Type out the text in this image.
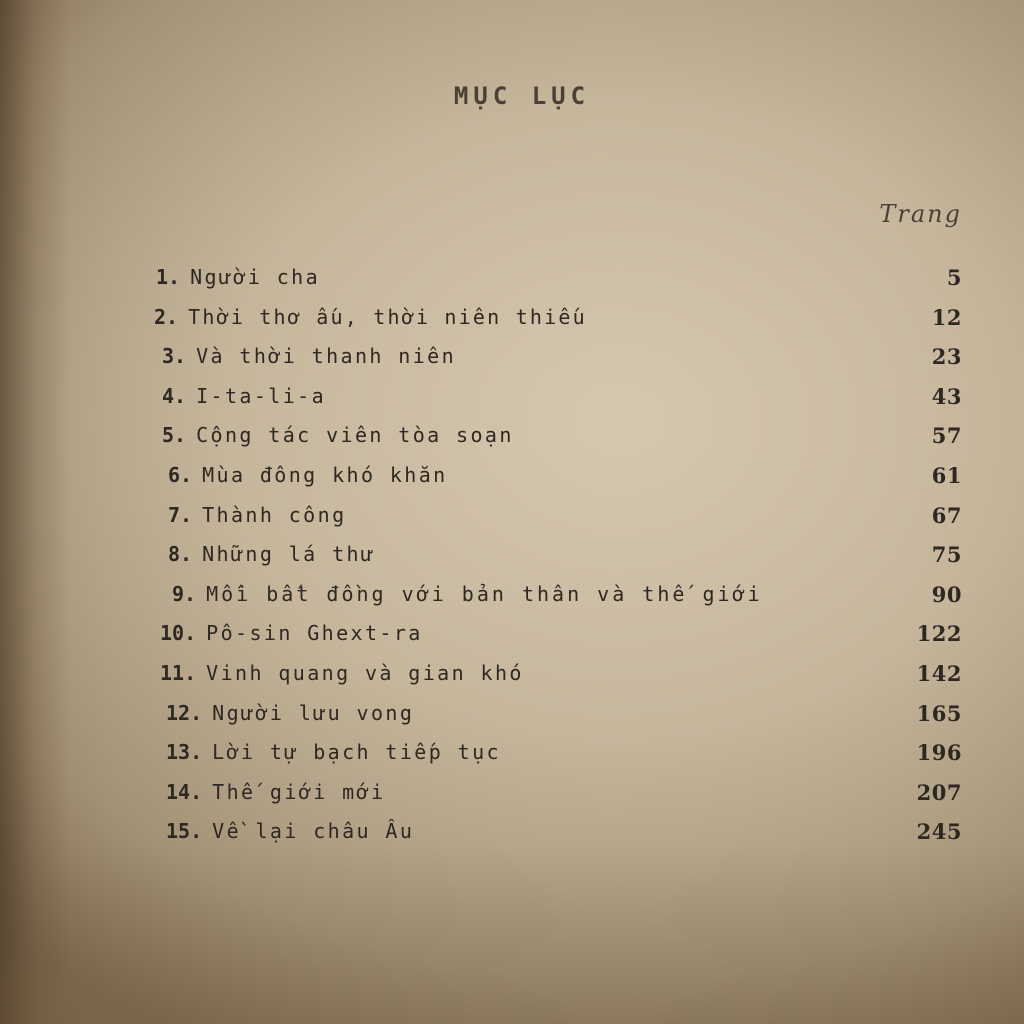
MỤC LỤC
Trang
1. Người cha	5
2. Thời thơ ấu, thời niên thiếu	12
3. Và thời thanh niên	23
4. I-ta-li-a	43
5. Cộng tác viên tòa soạn	57
6. Mùa đông khó khăn	61
7. Thành công	67
8. Những lá thư	75
9. Mối bất đồng với bản thân và thế giới	90
10. Pô-sin Ghext-ra	122
11. Vinh quang và gian khó	142
12. Người lưu vong	165
13. Lời tự bạch tiếp tục	196
14. Thế giới mới	207
15. Về lại châu Âu	245
